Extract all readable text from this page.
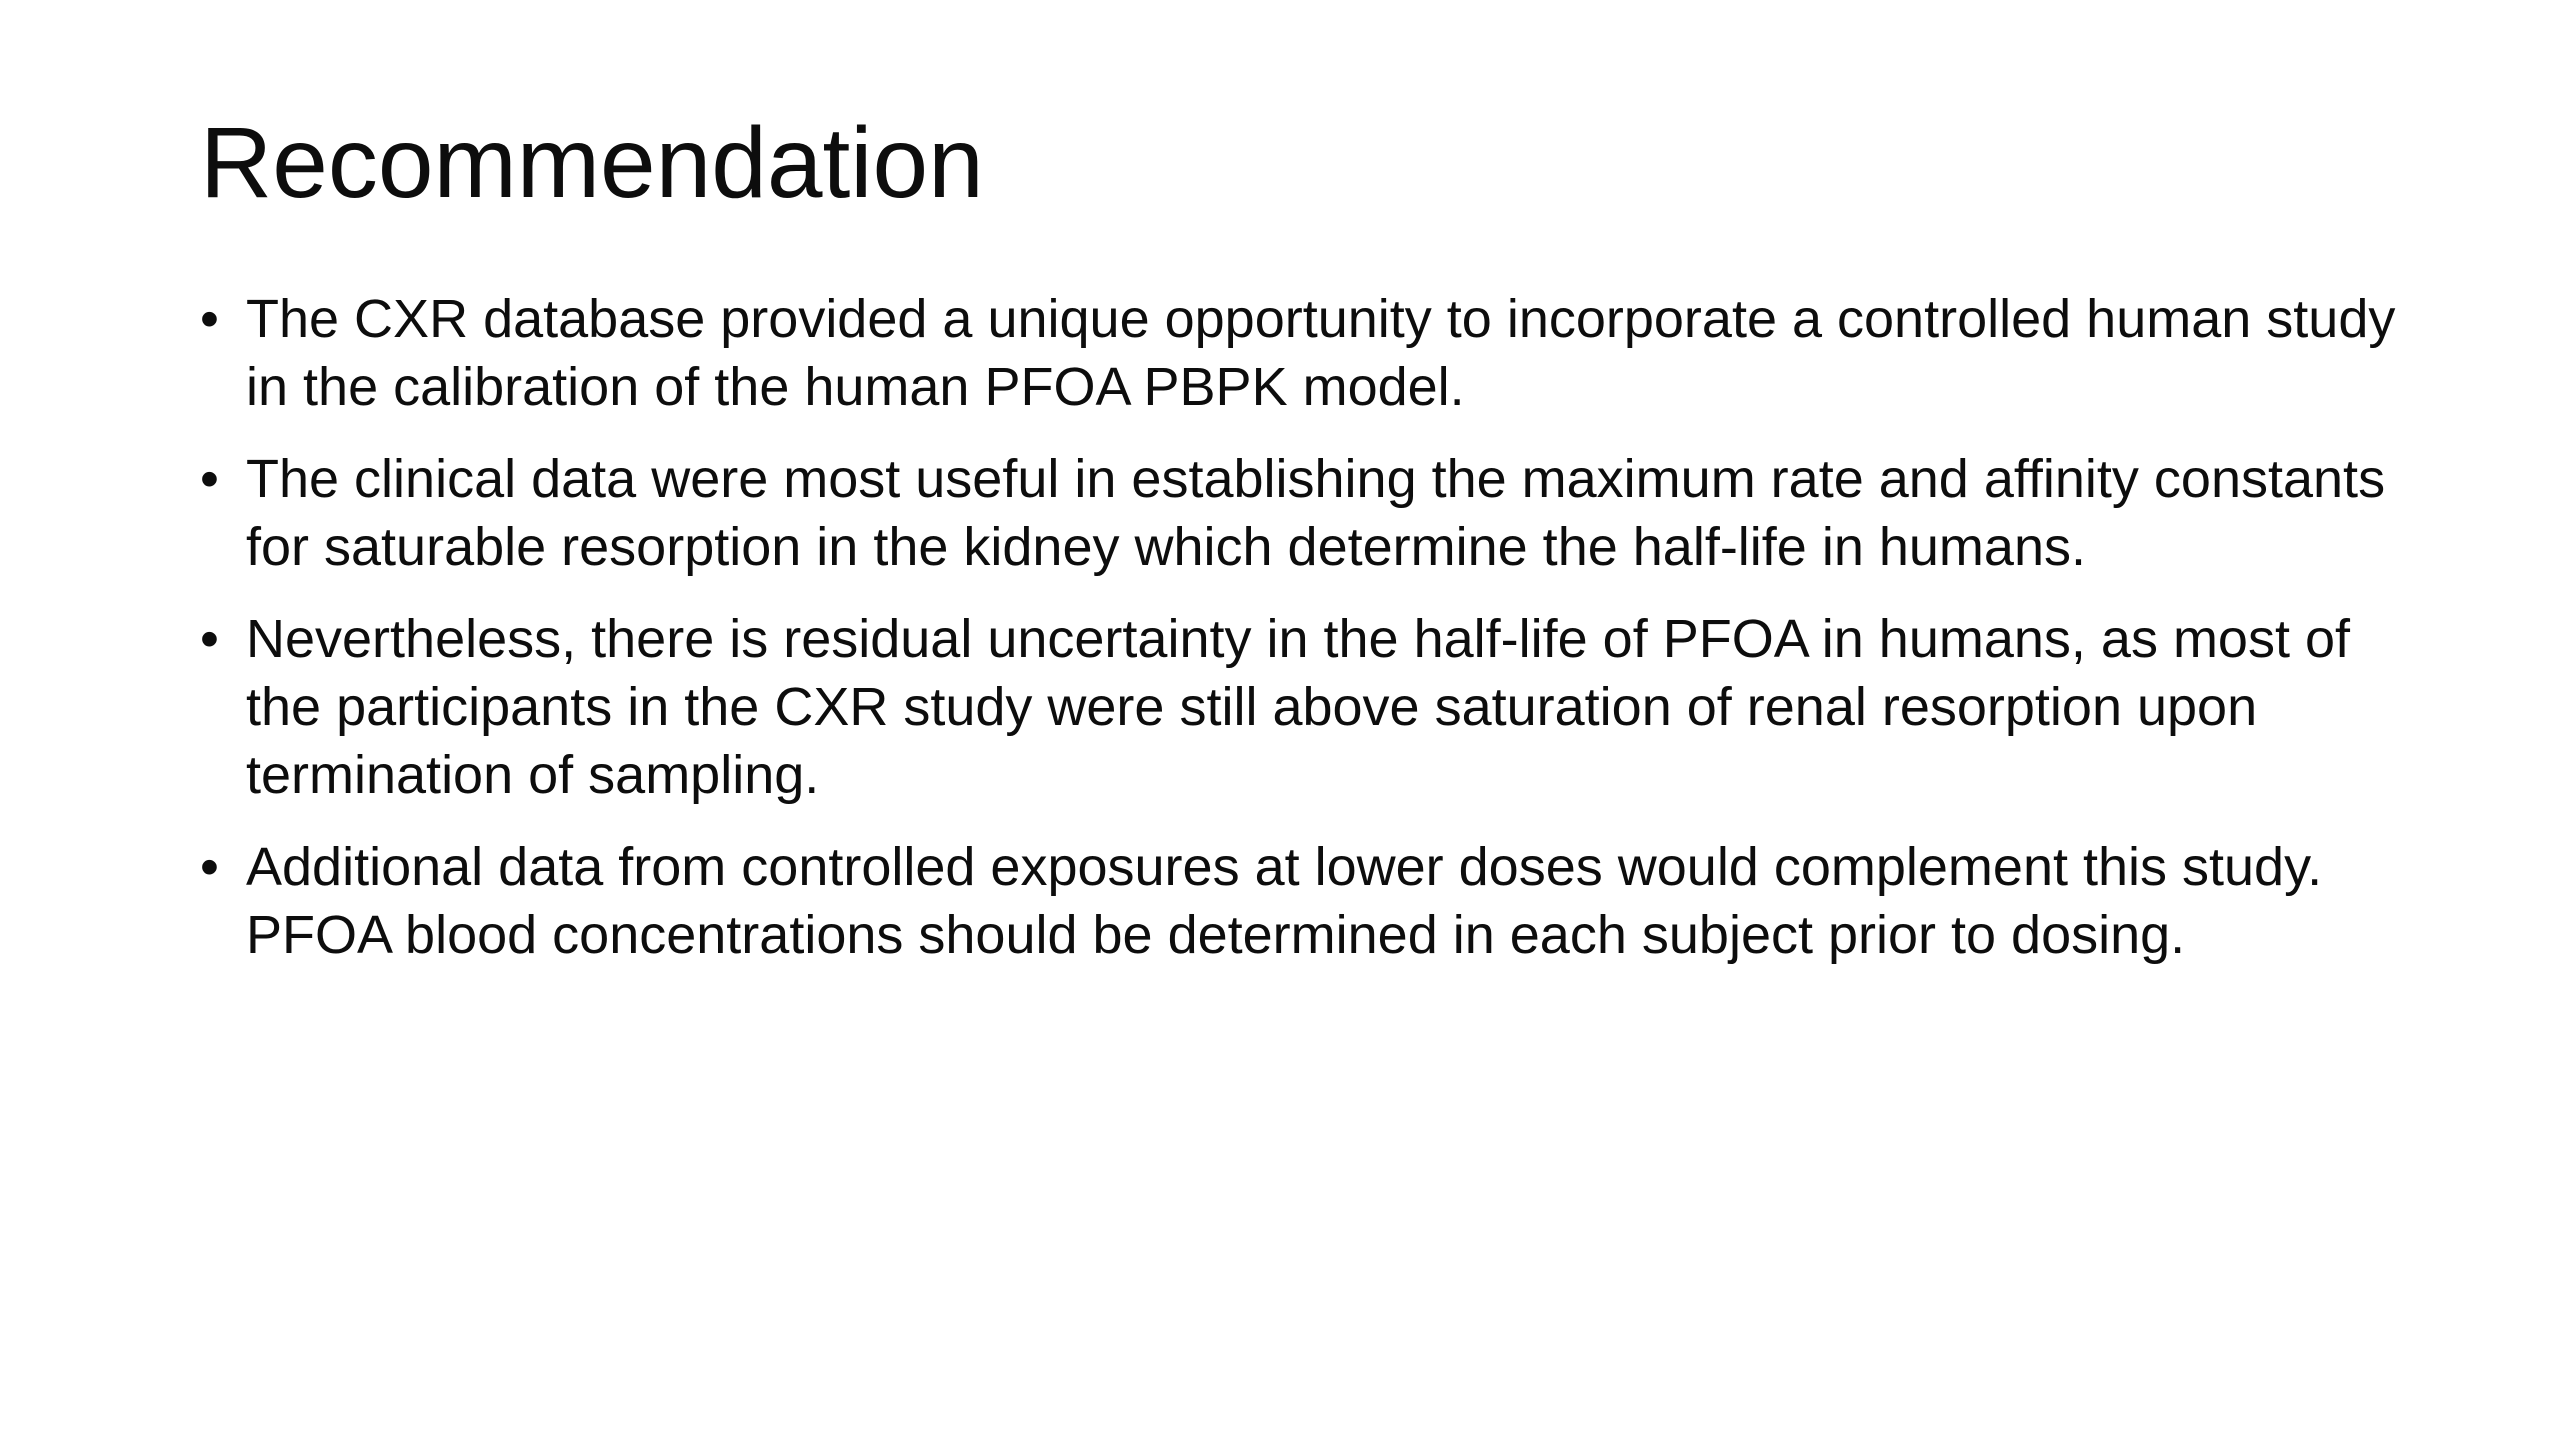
Recommendation
• The CXR database provided a unique opportunity to incorporate a controlled human study in the calibration of the human PFOA PBPK model.
• The clinical data were most useful in establishing the maximum rate and affinity constants for saturable resorption in the kidney which determine the half-life in humans.
• Nevertheless, there is residual uncertainty in the half-life of PFOA in humans, as most of the participants in the CXR study were still above saturation of renal resorption upon termination of sampling.
• Additional data from controlled exposures at lower doses would complement this study. PFOA blood concentrations should be determined in each subject prior to dosing.
